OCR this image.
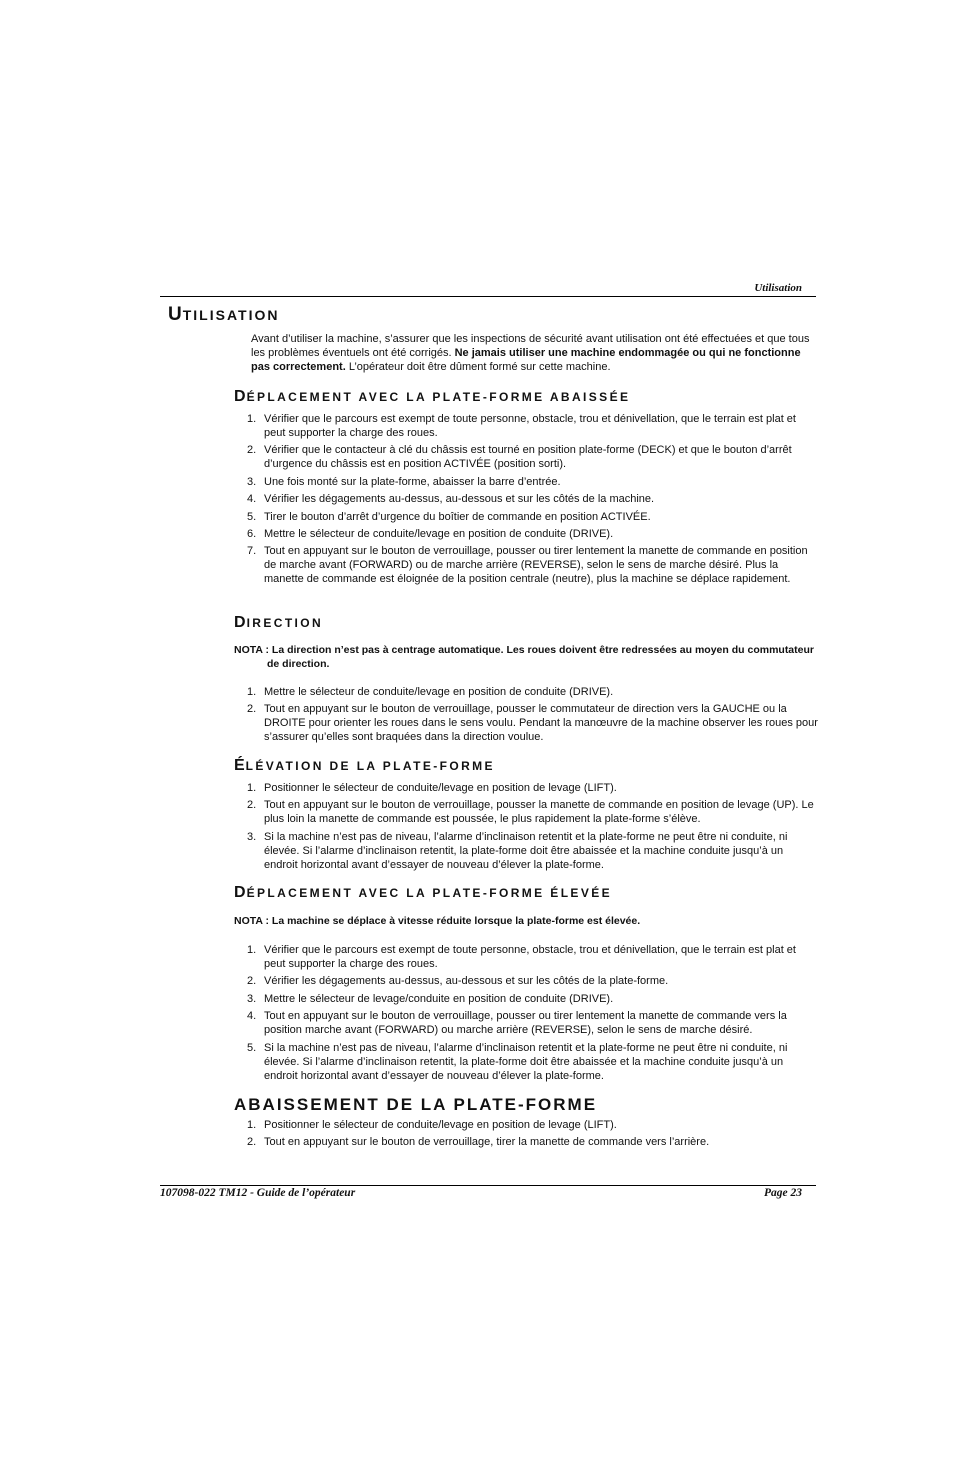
Utilisation
UTILISATION
Avant d’utiliser la machine, s’assurer que les inspections de sécurité avant utilisation ont été effectuées et que tous les problèmes éventuels ont été corrigés. Ne jamais utiliser une machine endommagée ou qui ne fonctionne pas correctement. L’opérateur doit être dûment formé sur cette machine.
DÉPLACEMENT AVEC LA PLATE-FORME ABAISSÉE
1. Vérifier que le parcours est exempt de toute personne, obstacle, trou et dénivellation, que le terrain est plat et peut supporter la charge des roues.
2. Vérifier que le contacteur à clé du châssis est tourné en position plate-forme (DECK) et que le bouton d’arrêt d’urgence du châssis est en position ACTIVÉE (position sorti).
3. Une fois monté sur la plate-forme, abaisser la barre d’entrée.
4. Vérifier les dégagements au-dessus, au-dessous et sur les côtés de la machine.
5. Tirer le bouton d’arrêt d’urgence du boîtier de commande en position ACTIVÉE.
6. Mettre le sélecteur de conduite/levage en position de conduite (DRIVE).
7. Tout en appuyant sur le bouton de verrouillage, pousser ou tirer lentement la manette de commande en position de marche avant (FORWARD) ou de marche arrière (REVERSE), selon le sens de marche désiré. Plus la manette de commande est éloignée de la position centrale (neutre), plus la machine se déplace rapidement.
DIRECTION
NOTA : La direction n’est pas à centrage automatique. Les roues doivent être redressées au moyen du commutateur de direction.
1. Mettre le sélecteur de conduite/levage en position de conduite (DRIVE).
2. Tout en appuyant sur le bouton de verrouillage, pousser le commutateur de direction vers la GAUCHE ou la DROITE pour orienter les roues dans le sens voulu. Pendant la manœuvre de la machine observer les roues pour s’assurer qu’elles sont braquées dans la direction voulue.
ÉLÉVATION DE LA PLATE-FORME
1. Positionner le sélecteur de conduite/levage en position de levage (LIFT).
2. Tout en appuyant sur le bouton de verrouillage, pousser la manette de commande en position de levage (UP). Le plus loin la manette de commande est poussée, le plus rapidement la plate-forme s’élève.
3. Si la machine n’est pas de niveau, l’alarme d’inclinaison retentit et la plate-forme ne peut être ni conduite, ni élevée. Si l’alarme d’inclinaison retentit, la plate-forme doit être abaissée et la machine conduite jusqu’à un endroit horizontal avant d’essayer de nouveau d’élever la plate-forme.
DÉPLACEMENT AVEC LA PLATE-FORME ÉLEVÉE
NOTA : La machine se déplace à vitesse réduite lorsque la plate-forme est élevée.
1. Vérifier que le parcours est exempt de toute personne, obstacle, trou et dénivellation, que le terrain est plat et peut supporter la charge des roues.
2. Vérifier les dégagements au-dessus, au-dessous et sur les côtés de la plate-forme.
3. Mettre le sélecteur de levage/conduite en position de conduite (DRIVE).
4. Tout en appuyant sur le bouton de verrouillage, pousser ou tirer lentement la manette de commande vers la position marche avant (FORWARD) ou marche arrière (REVERSE), selon le sens de marche désiré.
5. Si la machine n’est pas de niveau, l’alarme d’inclinaison retentit et la plate-forme ne peut être ni conduite, ni élevée. Si l’alarme d’inclinaison retentit, la plate-forme doit être abaissée et la machine conduite jusqu’à un endroit horizontal avant d’essayer de nouveau d’élever la plate-forme.
ABAISSEMENT DE LA PLATE-FORME
1. Positionner le sélecteur de conduite/levage en position de levage (LIFT).
2. Tout en appuyant sur le bouton de verrouillage, tirer la manette de commande vers l’arrière.
107098-022 TM12 - Guide de l’opérateur	Page 23
